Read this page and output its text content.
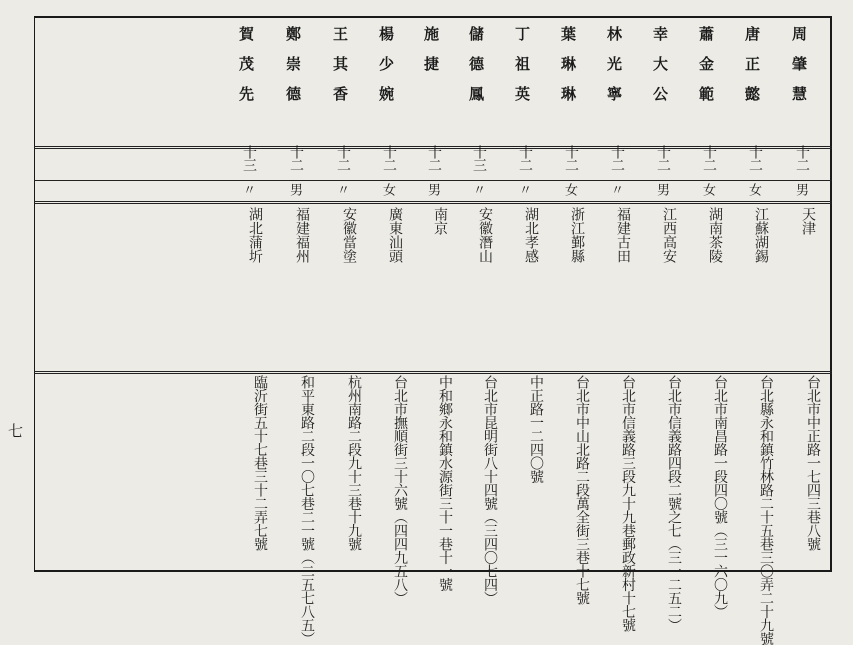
七
周肇慧
十二
男
天津
台北市中正路一七四三巷八號
唐正懿
十二
女
江蘇湖錫
台北縣永和鎮竹林路二十五巷三〇弄二十九號
蕭金範
十二
女
湖南茶陵
台北市南昌路一段四〇號（三一六〇九）
幸大公
十二
男
江西高安
台北市信義路四段二號之七（三一二五二）
林光寧
十二
〃
福建古田
台北市信義路三段九十九巷郵政新村十七號
葉琳琳
十二
女
浙江鄞縣
台北市中山北路二段萬全街三巷十七號
丁祖英
十二
〃
湖北孝感
中正路一二四〇號
儲德鳳
十三
〃
安徽潛山
台北市昆明街八十四號（三四〇七四）
施捷
十二
男
南京
中和鄉永和鎮水源街三十一巷十一號
楊少婉
十二
女
廣東汕頭
台北市撫順街三十六號（四四九五八）
王其香
十二
〃
安徽當塗
杭州南路二段九十三巷十九號
鄭崇德
十二
男
福建福州
和平東路二段一〇七巷二一號（二五七八五）
賀茂先
十三
〃
湖北蒲圻
臨沂街五十七巷三十二弄七號
